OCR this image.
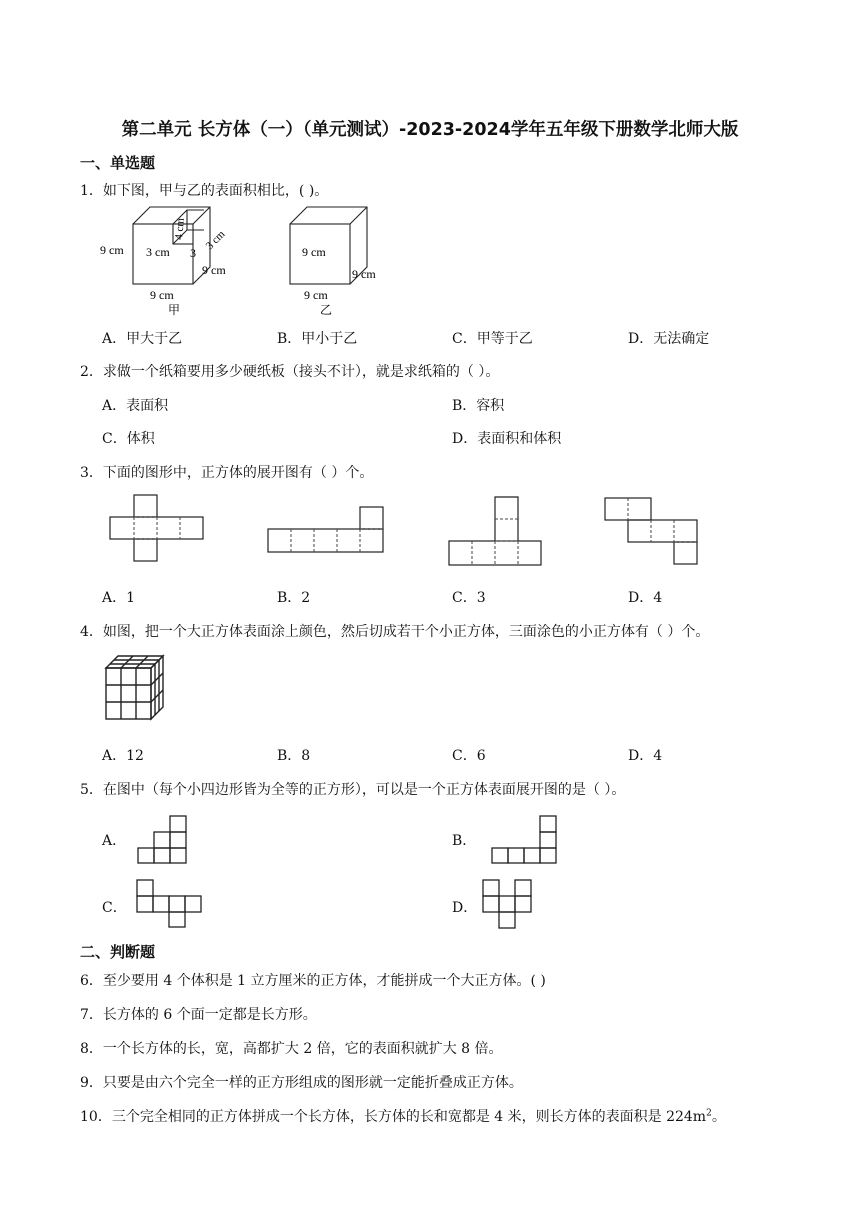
第二单元 长方体（一）（单元测试）-2023-2024学年五年级下册数学北师大版
一、单选题
1．如下图，甲与乙的表面积相比，( )。
9 cm 3 cm 3
4 cm 3 cm
9 cm
9 cm
甲
9 cm
9 cm
9 cm
乙
A．甲大于乙	B．甲小于乙	C．甲等于乙	D．无法确定
2．求做一个纸箱要用多少硬纸板（接头不计），就是求纸箱的（ ）。
A．表面积	B．容积
C．体积	D．表面积和体积
3．下面的图形中，正方体的展开图有（ ）个。
A．1	B．2	C．3	D．4
4．如图，把一个大正方体表面涂上颜色，然后切成若干个小正方体，三面涂色的小正方体有（ ）个。
A．12	B．8	C．6	D．4
5．在图中（每个小四边形皆为全等的正方形），可以是一个正方体表面展开图的是（ ）。
A．	B．
C．	D．
二、判断题
6．至少要用 4 个体积是 1 立方厘米的正方体，才能拼成一个大正方体。( )
7．长方体的 6 个面一定都是长方形。
8．一个长方体的长，宽，高都扩大 2 倍，它的表面积就扩大 8 倍。
9．只要是由六个完全一样的正方形组成的图形就一定能折叠成正方体。
10．三个完全相同的正方体拼成一个长方体，长方体的长和宽都是 4 米，则长方体的表面积是 $224m^2$。
